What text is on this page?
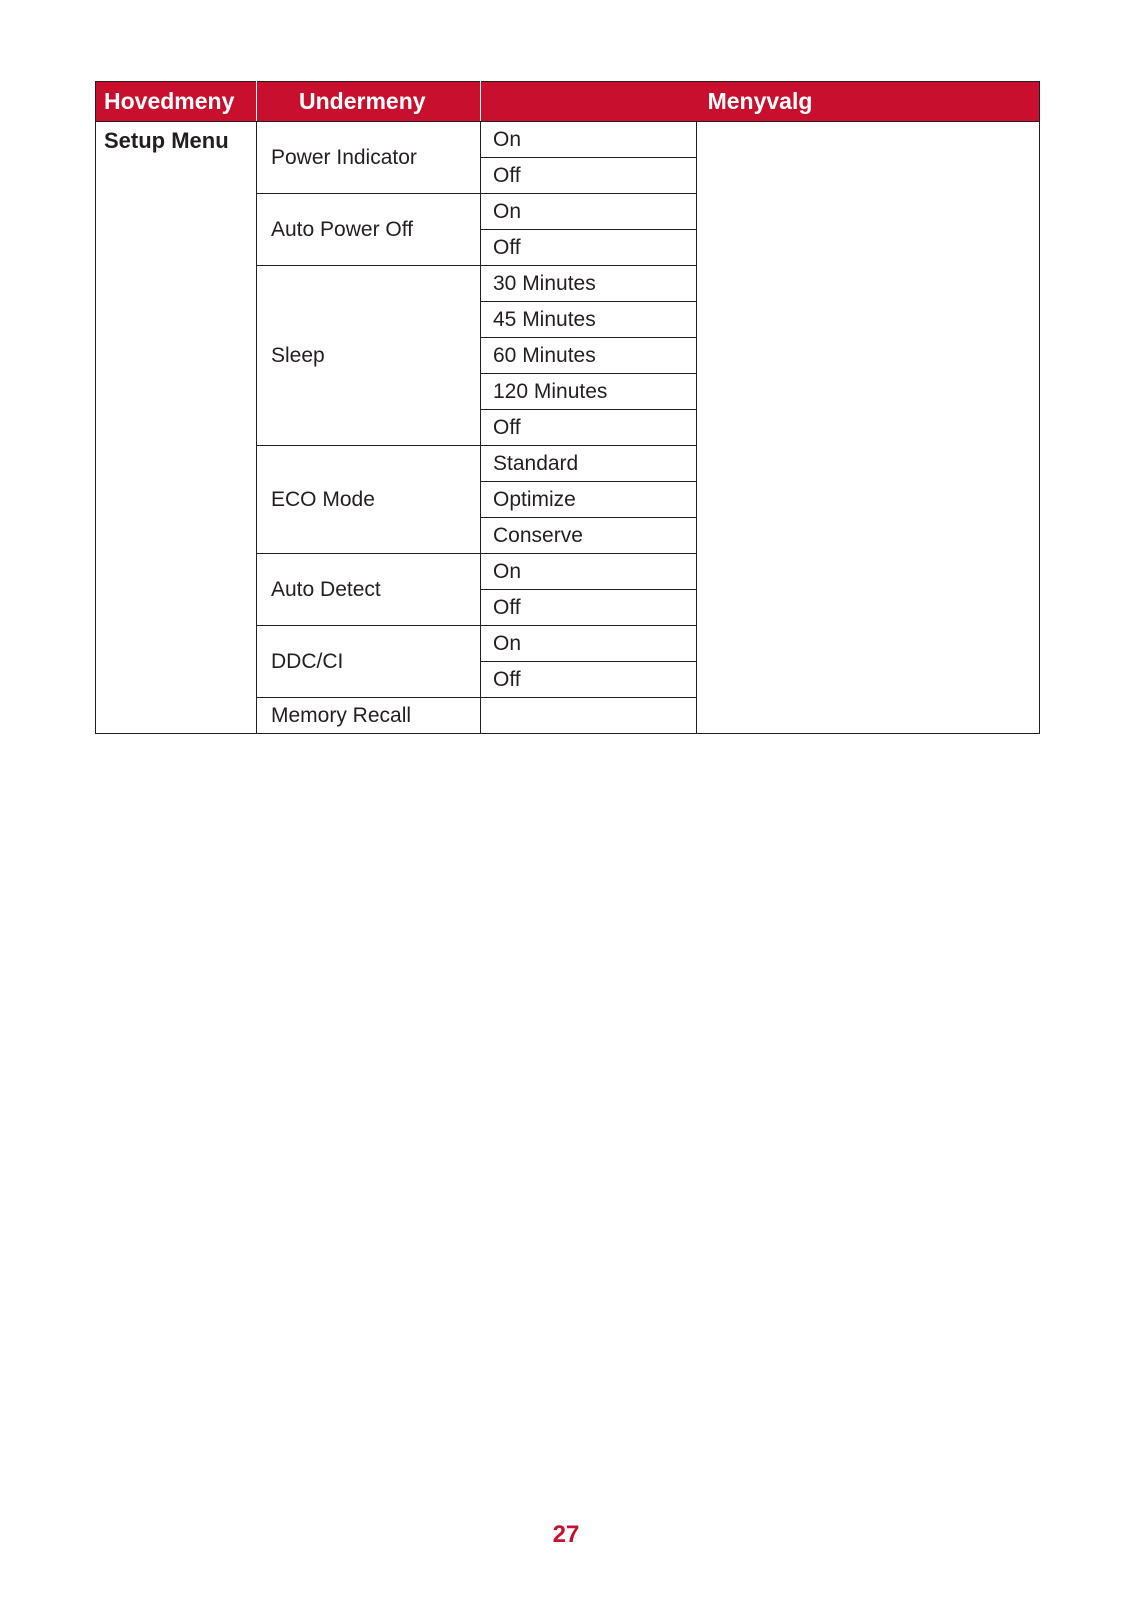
Hovedmeny	Undermeny	Menyvalg	
Setup Menu	Power Indicator	On	
		Off	
	Auto Power Off	On	
		Off	
	Sleep	30 Minutes	
		45 Minutes	
		60 Minutes	
		120 Minutes	
		Off	
	ECO Mode	Standard	
		Optimize	
		Conserve	
	Auto Detect	On	
		Off	
	DDC/CI	On	
		Off	
	Memory Recall		
27
